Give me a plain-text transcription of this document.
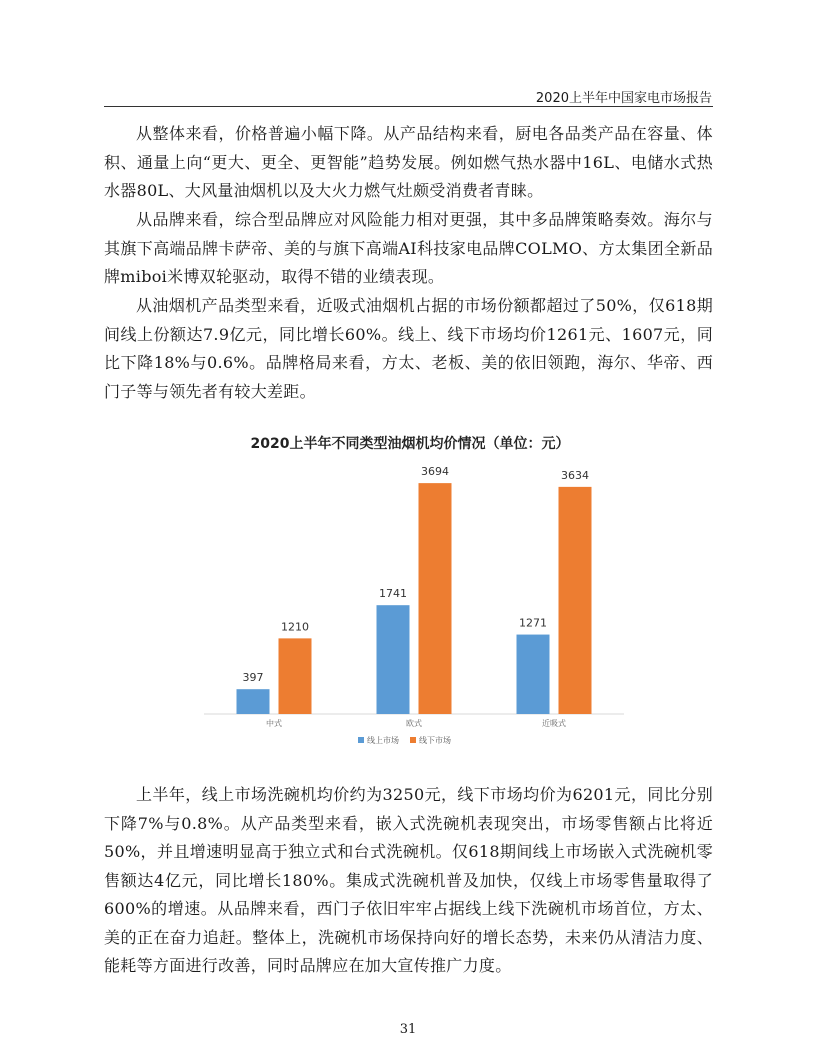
2020上半年中国家电市场报告

从整体来看，价格普遍小幅下降。从产品结构来看，厨电各品类产品在容量、体积、通量上向“更大、更全、更智能”趋势发展。例如燃气热水器中16L、电储水式热水器80L、大风量油烟机以及大火力燃气灶颇受消费者青睐。

从品牌来看，综合型品牌应对风险能力相对更强，其中多品牌策略奏效。海尔与其旗下高端品牌卡萨帝、美的与旗下高端AI科技家电品牌COLMO、方太集团全新品牌miboi米博双轮驱动，取得不错的业绩表现。

从油烟机产品类型来看，近吸式油烟机占据的市场份额都超过了50%，仅618期间线上份额达7.9亿元，同比增长60%。线上、线下市场均价1261元、1607元，同比下降18%与0.6%。品牌格局来看，方太、老板、美的依旧领跑，海尔、华帝、西门子等与领先者有较大差距。

2020上半年不同类型油烟机均价情况（单位：元）
397
1210
中式
1741
3694
欧式
1271
3634
近吸式
线上市场	线下市场

上半年，线上市场洗碗机均价约为3250元，线下市场均价为6201元，同比分别下降7%与0.8%。从产品类型来看，嵌入式洗碗机表现突出，市场零售额占比将近50%，并且增速明显高于独立式和台式洗碗机。仅618期间线上市场嵌入式洗碗机零售额达4亿元，同比增长180%。集成式洗碗机普及加快，仅线上市场零售量取得了600%的增速。从品牌来看，西门子依旧牢牢占据线上线下洗碗机市场首位，方太、美的正在奋力追赶。整体上，洗碗机市场保持向好的增长态势，未来仍从清洁力度、能耗等方面进行改善，同时品牌应在加大宣传推广力度。

31
